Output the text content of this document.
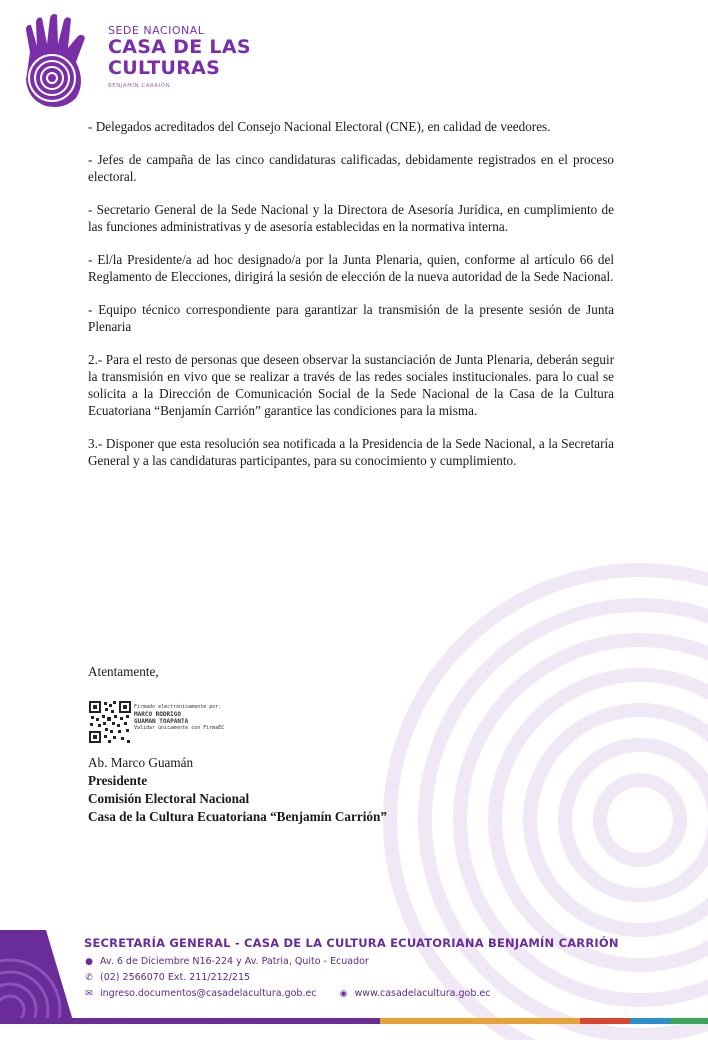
SEDE NACIONAL
CASA DE LAS
CULTURAS
BENJAMÍN CARRIÓN

- Delegados acreditados del Consejo Nacional Electoral (CNE), en calidad de veedores.

- Jefes de campaña de las cinco candidaturas calificadas, debidamente registrados en el proceso electoral.

- Secretario General de la Sede Nacional y la Directora de Asesoría Jurídica, en cumplimiento de las funciones administrativas y de asesoría establecidas en la normativa interna.

- El/la Presidente/a ad hoc designado/a por la Junta Plenaria, quien, conforme al artículo 66 del Reglamento de Elecciones, dirigirá la sesión de elección de la nueva autoridad de la Sede Nacional.

- Equipo técnico correspondiente para garantizar la transmisión de la presente sesión de Junta Plenaria

2.- Para el resto de personas que deseen observar la sustanciación de Junta Plenaria, deberán seguir la transmisión en vivo que se realizar a través de las redes sociales institucionales. para lo cual se solicita a la Dirección de Comunicación Social de la Sede Nacional de la Casa de la Cultura Ecuatoriana “Benjamín Carrión” garantice las condiciones para la misma.

3.- Disponer que esta resolución sea notificada a la Presidencia de la Sede Nacional, a la Secretaría General y a las candidaturas participantes, para su conocimiento y cumplimiento.

Atentamente,
Firmado electrónicamente por:
MARCO RODRIGO
GUAMAN TOAPANTA
Validar únicamente con FirmaEC
Ab. Marco Guamán
Presidente
Comisión Electoral Nacional
Casa de la Cultura Ecuatoriana “Benjamín Carrión”
SECRETARÍA GENERAL - CASA DE LA CULTURA ECUATORIANA BENJAMÍN CARRIÓN
● Av. 6 de Diciembre N16-224 y Av. Patria, Quito - Ecuador
✆ (02) 2566070 Ext. 211/212/215
✉ ingreso.documentos@casadelacultura.gob.ec	◉ www.casadelacultura.gob.ec
